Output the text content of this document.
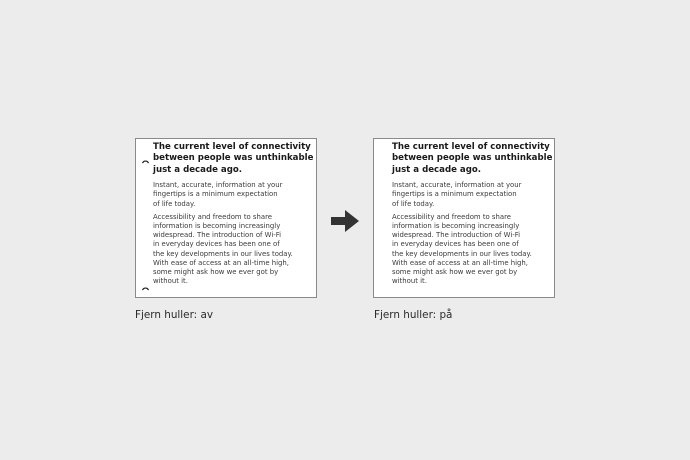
The current level of connectivity
between people was unthinkable
just a decade ago.
Instant, accurate, information at your
fingertips is a minimum expectation
of life today.
Accessibility and freedom to share
information is becoming increasingly
widespread. The introduction of Wi-Fi
in everyday devices has been one of
the key developments in our lives today.
With ease of access at an all-time high,
some might ask how we ever got by
without it.
The current level of connectivity
between people was unthinkable
just a decade ago.
Instant, accurate, information at your
fingertips is a minimum expectation
of life today.
Accessibility and freedom to share
information is becoming increasingly
widespread. The introduction of Wi-Fi
in everyday devices has been one of
the key developments in our lives today.
With ease of access at an all-time high,
some might ask how we ever got by
without it.
Fjern huller: av	Fjern huller: på
